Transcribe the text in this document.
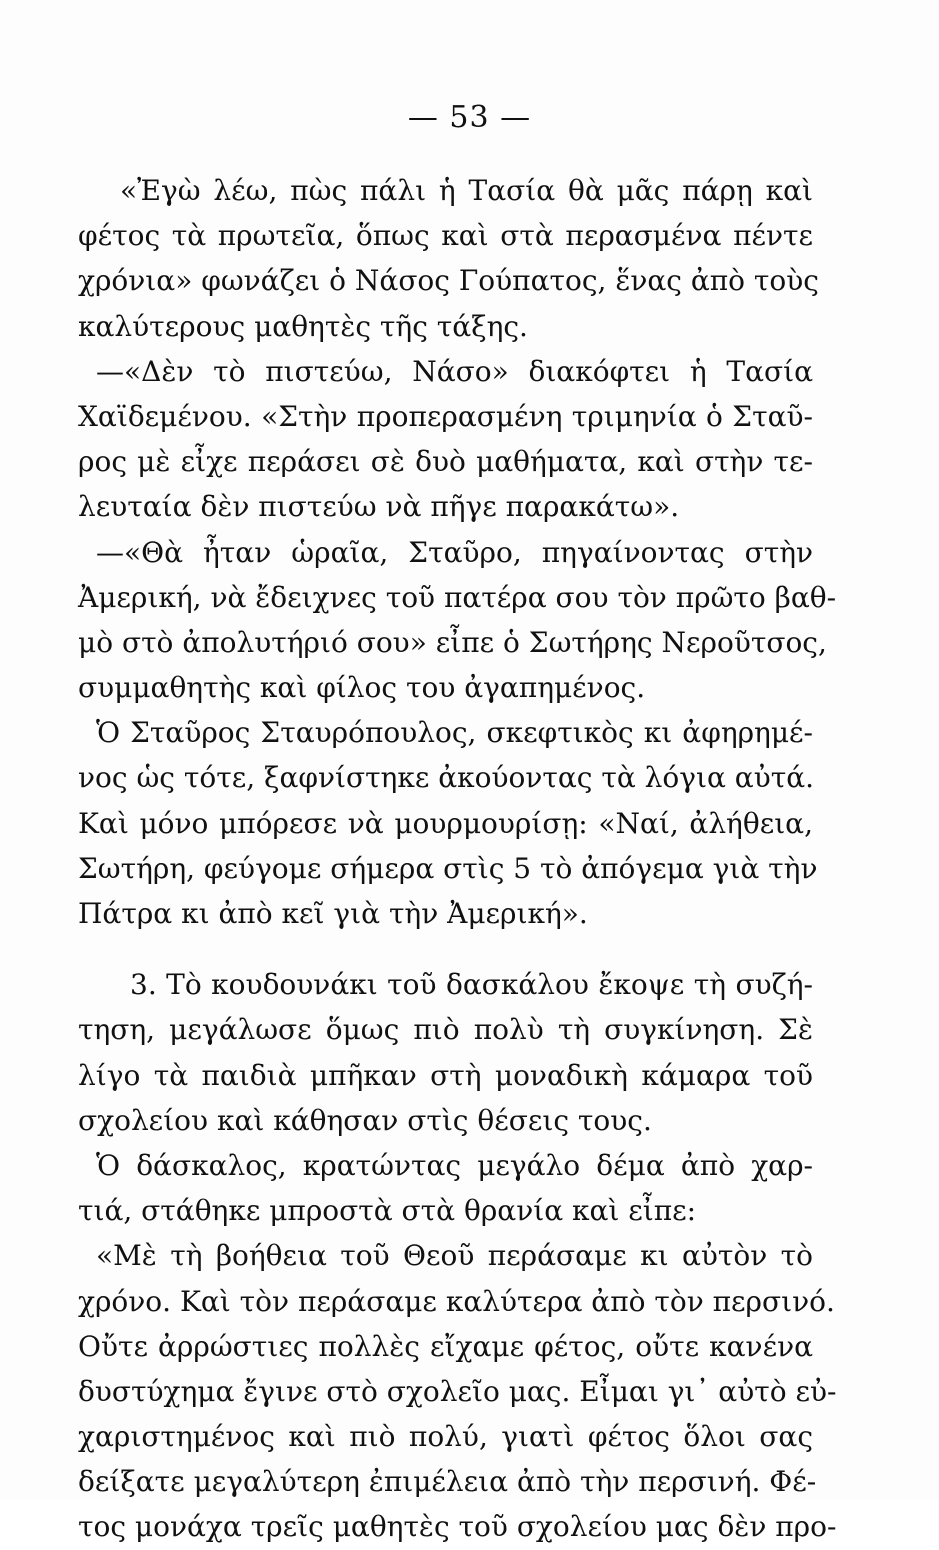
— 53 —
«Ἐγὼ λέω, πὼς πάλι ἡ Τασία θὰ μᾶς πάρῃ καὶ
φέτος τὰ πρωτεῖα, ὅπως καὶ στὰ περασμένα πέντε
χρόνια» φωνάζει ὁ Νάσος Γούπατος, ἕνας ἀπὸ τοὺς
καλύτερους μαθητὲς τῆς τάξης.
—«Δὲν τὸ πιστεύω, Νάσο» διακόφτει ἡ Τασία
Χαϊδεμένου. «Στὴν προπερασμένη τριμηνία ὁ Σταῦ-
ρος μὲ εἶχε περάσει σὲ δυὸ μαθήματα, καὶ στὴν τε-
λευταία δὲν πιστεύω νὰ πῆγε παρακάτω».
—«Θὰ ἦταν ὡραῖα, Σταῦρο, πηγαίνοντας στὴν
Ἀμερική, νὰ ἔδειχνες τοῦ πατέρα σου τὸν πρῶτο βαθ-
μὸ στὸ ἀπολυτήριό σου» εἶπε ὁ Σωτήρης Νεροῦτσος,
συμμαθητὴς καὶ φίλος του ἀγαπημένος.
Ὁ Σταῦρος Σταυρόπουλος, σκεφτικὸς κι ἀφηρημέ-
νος ὡς τότε, ξαφνίστηκε ἀκούοντας τὰ λόγια αὐτά.
Καὶ μόνο μπόρεσε νὰ μουρμουρίσῃ: «Ναί, ἀλήθεια,
Σωτήρη, φεύγομε σήμερα στὶς 5 τὸ ἀπόγεμα γιὰ τὴν
Πάτρα κι ἀπὸ κεῖ γιὰ τὴν Ἀμερική».
3. Τὸ κουδουνάκι τοῦ δασκάλου ἔκοψε τὴ συζή-
τηση, μεγάλωσε ὅμως πιὸ πολὺ τὴ συγκίνηση. Σὲ
λίγο τὰ παιδιὰ μπῆκαν στὴ μοναδικὴ κάμαρα τοῦ
σχολείου καὶ κάθησαν στὶς θέσεις τους.
Ὁ δάσκαλος, κρατώντας μεγάλο δέμα ἀπὸ χαρ-
τιά, στάθηκε μπροστὰ στὰ θρανία καὶ εἶπε:
«Μὲ τὴ βοήθεια τοῦ Θεοῦ περάσαμε κι αὐτὸν τὸ
χρόνο. Καὶ τὸν περάσαμε καλύτερα ἀπὸ τὸν περσινό.
Οὔτε ἀρρώστιες πολλὲς εἴχαμε φέτος, οὔτε κανένα
δυστύχημα ἔγινε στὸ σχολεῖο μας. Εἶμαι γι᾽ αὐτὸ εὐ-
χαριστημένος καὶ πιὸ πολύ, γιατὶ φέτος ὅλοι σας
δείξατε μεγαλύτερη ἐπιμέλεια ἀπὸ τὴν περσινή. Φέ-
τος μονάχα τρεῖς μαθητὲς τοῦ σχολείου μας δὲν προ-
